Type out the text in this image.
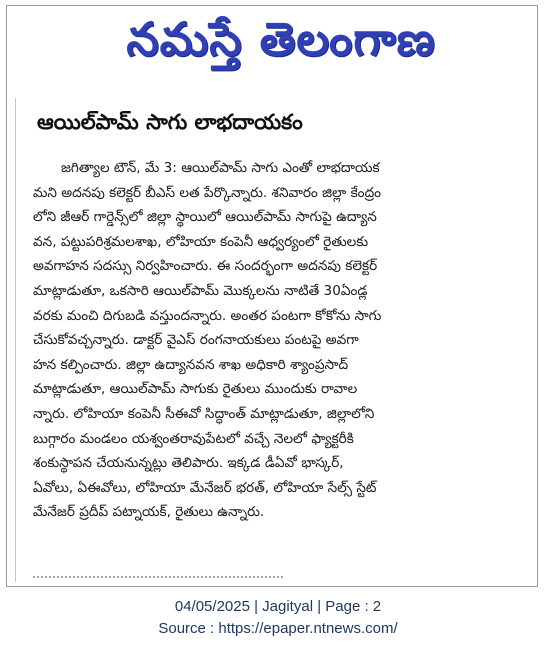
నమస్తే తెలంగాణ
ఆయిల్‌పామ్ సాగు లాభదాయకం
జగిత్యాల టౌన్, మే 3: ఆయిల్‌పామ్ సాగు ఎంతో లాభదాయక
మని అదనపు కలెక్టర్ బీఎస్ లత పేర్కొన్నారు. శనివారం జిల్లా కేంద్రం
లోని జీఆర్ గార్డెన్స్‌లో జిల్లా స్థాయిలో ఆయిల్‌పామ్ సాగుపై ఉద్యాన
వన, పట్టుపరిశ్రమలశాఖ, లోహియా కంపెనీ ఆధ్వర్యంలో రైతులకు
అవగాహన సదస్సు నిర్వహించారు. ఈ సందర్భంగా అదనపు కలెక్టర్
మాట్లాడుతూ, ఒకసారి ఆయిల్‌పామ్ మొక్కలను నాటితే 30ఏండ్ల
వరకు మంచి దిగుబడి వస్తుందన్నారు. అంతర పంటగా కోకోను సాగు
చేసుకోవచ్చన్నారు. డాక్టర్ వైఎస్ రంగనాయకులు పంటపై అవగా
హన కల్పించారు. జిల్లా ఉద్యానవన శాఖ అధికారి శ్యాంప్రసాద్
మాట్లాడుతూ, ఆయిల్‌పామ్ సాగుకు రైతులు ముందుకు రావాల
న్నారు. లోహియా కంపెనీ సీఈవో సిద్ధాంత్ మాట్లాడుతూ, జిల్లాలోని
బుగ్గారం మండలం యశ్వంతరావుపేటలో వచ్చే నెలలో ఫ్యాక్టరీకి
శంకుస్థాపన చేయనున్నట్లు తెలిపారు. ఇక్కడ డీఏవో భాస్కర్,
ఏవోలు, ఏఈవోలు, లోహియా మేనేజర్ భరత్, లోహియా సేల్స్ స్టేట్
మేనేజర్ ప్రదీప్ పట్నాయక్, రైతులు ఉన్నారు.
04/05/2025 | Jagityal | Page : 2
Source : https://epaper.ntnews.com/
